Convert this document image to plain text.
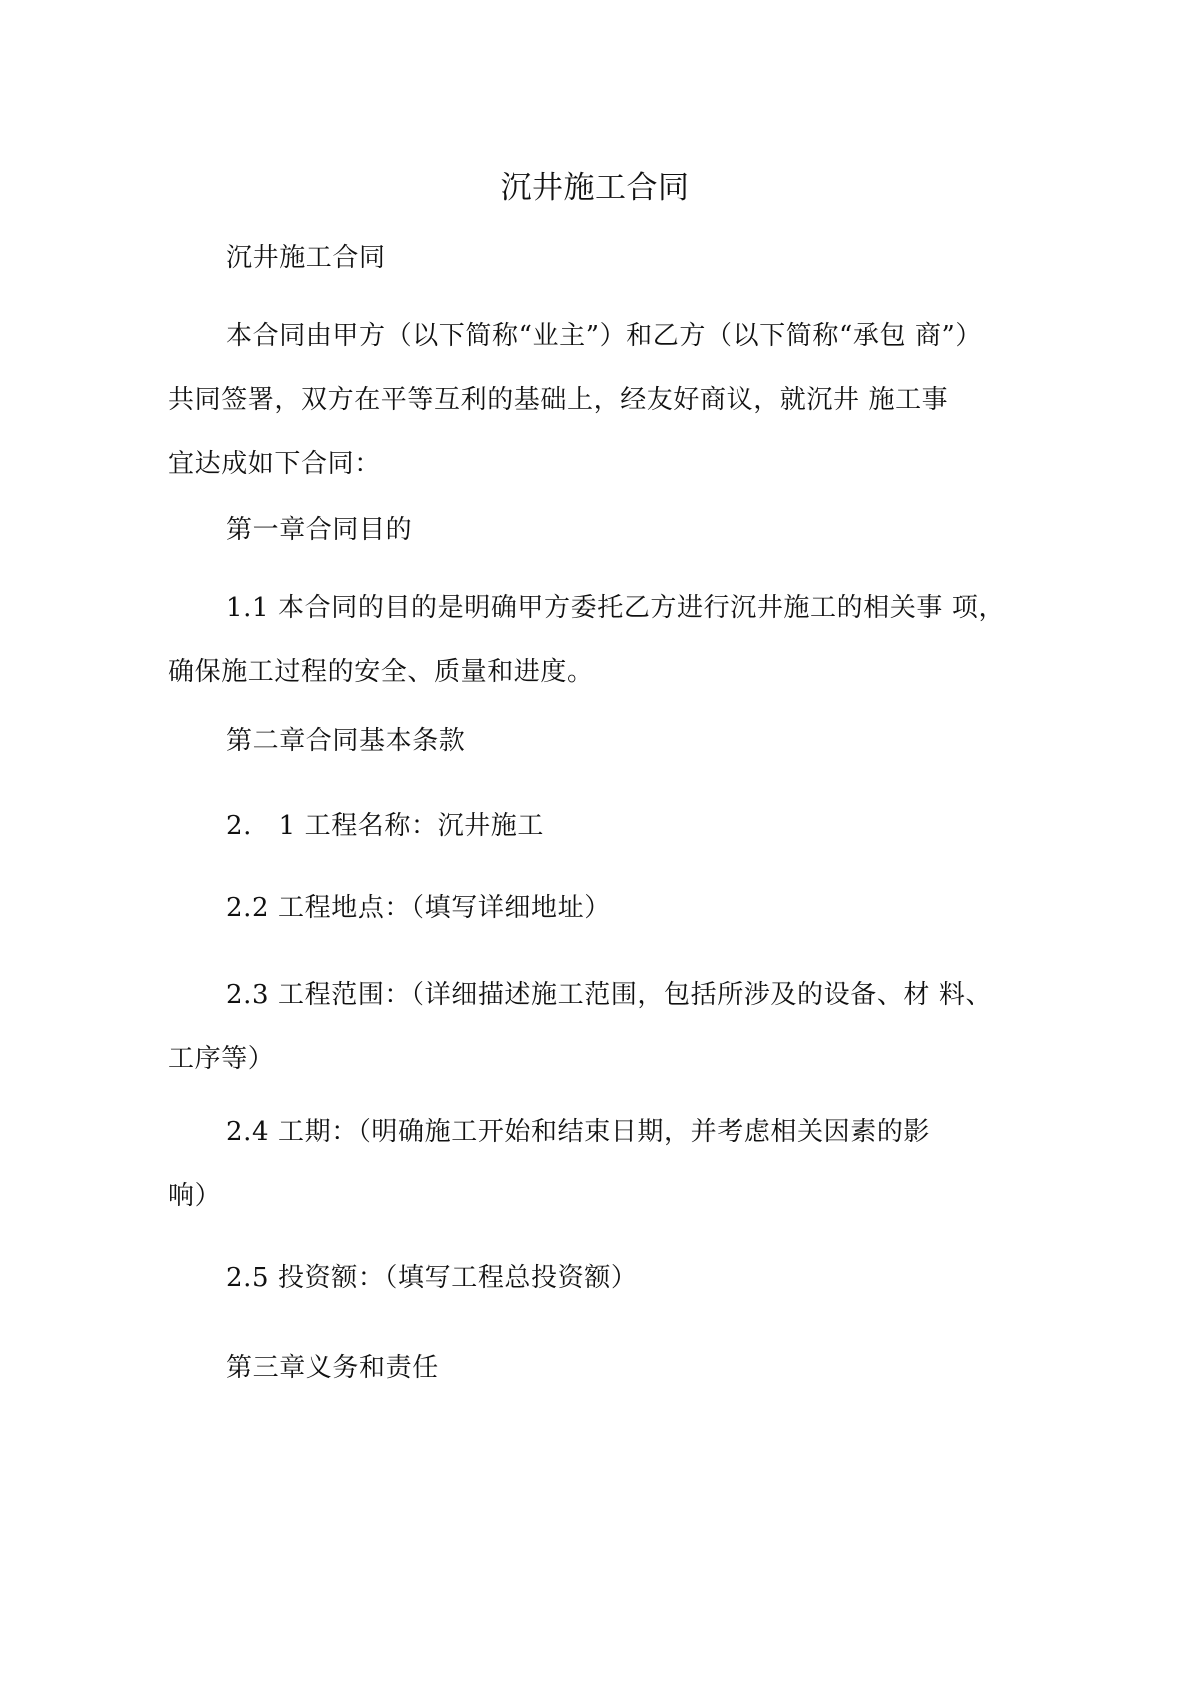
沉井施工合同
沉井施工合同
本合同由甲方（以下简称“业主”）和乙方（以下简称“承包 商”）
共同签署，双方在平等互利的基础上，经友好商议，就沉井 施工事
宜达成如下合同：
第一章合同目的
1.1 本合同的目的是明确甲方委托乙方进行沉井施工的相关事 项，
确保施工过程的安全、质量和进度。
第二章合同基本条款
2.   1 工程名称：沉井施工
2.2 工程地点：（填写详细地址）
2.3 工程范围：（详细描述施工范围，包括所涉及的设备、材 料、
工序等）
2.4 工期：（明确施工开始和结束日期，并考虑相关因素的影
响）
2.5 投资额：（填写工程总投资额）
第三章义务和责任
